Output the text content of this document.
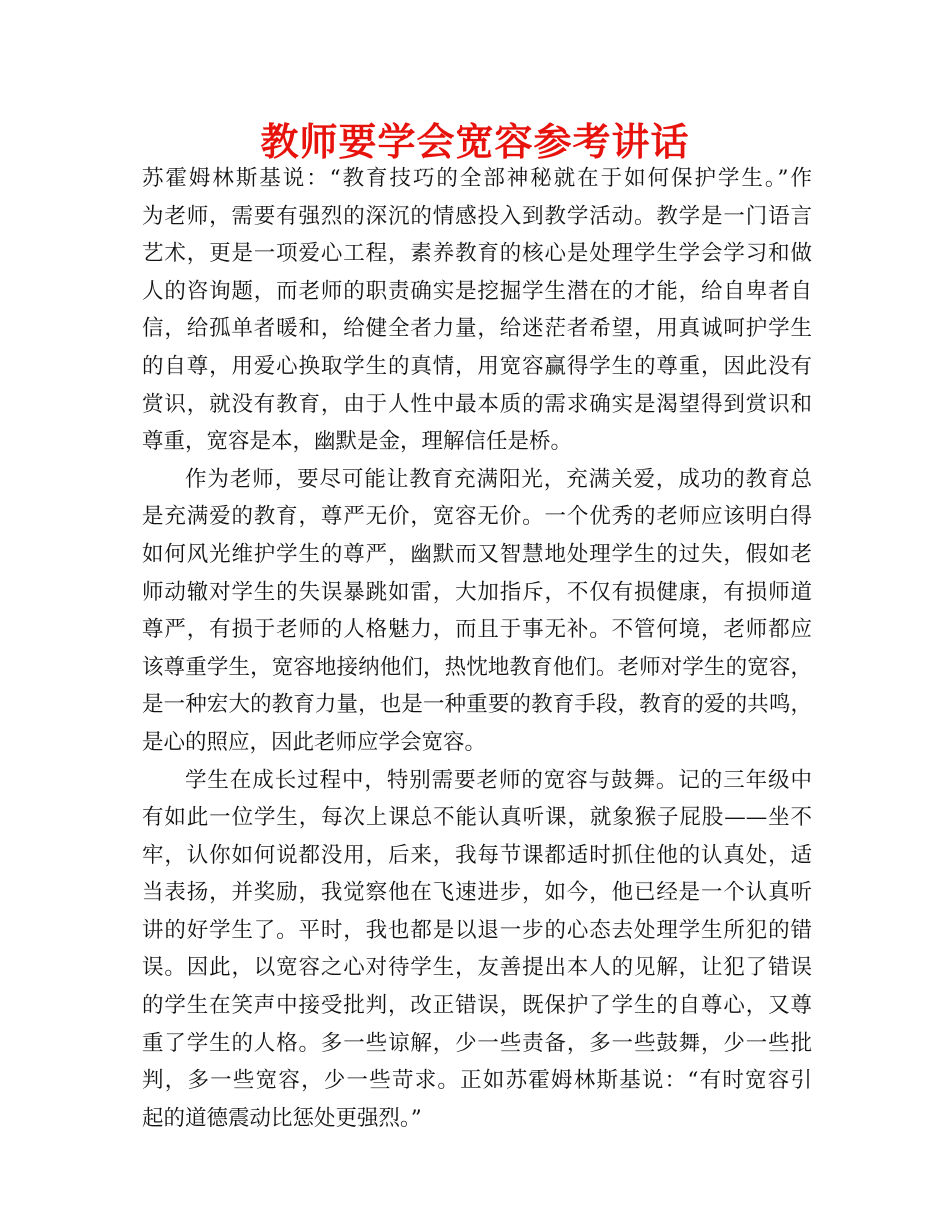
教师要学会宽容参考讲话
苏霍姆林斯基说：“教育技巧的全部神秘就在于如何保护学生。”作
为老师，需要有强烈的深沉的情感投入到教学活动。教学是一门语言
艺术，更是一项爱心工程，素养教育的核心是处理学生学会学习和做
人的咨询题，而老师的职责确实是挖掘学生潜在的才能，给自卑者自
信，给孤单者暖和，给健全者力量，给迷茫者希望，用真诚呵护学生
的自尊，用爱心换取学生的真情，用宽容赢得学生的尊重，因此没有
赏识，就没有教育，由于人性中最本质的需求确实是渴望得到赏识和
尊重，宽容是本，幽默是金，理解信任是桥。
作为老师，要尽可能让教育充满阳光，充满关爱，成功的教育总
是充满爱的教育，尊严无价，宽容无价。一个优秀的老师应该明白得
如何风光维护学生的尊严，幽默而又智慧地处理学生的过失，假如老
师动辙对学生的失误暴跳如雷，大加指斥，不仅有损健康，有损师道
尊严，有损于老师的人格魅力，而且于事无补。不管何境，老师都应
该尊重学生，宽容地接纳他们，热忱地教育他们。老师对学生的宽容，
是一种宏大的教育力量，也是一种重要的教育手段，教育的爱的共鸣，
是心的照应，因此老师应学会宽容。
学生在成长过程中，特别需要老师的宽容与鼓舞。记的三年级中
有如此一位学生，每次上课总不能认真听课，就象猴子屁股——坐不
牢，认你如何说都没用，后来，我每节课都适时抓住他的认真处，适
当表扬，并奖励，我觉察他在飞速进步，如今，他已经是一个认真听
讲的好学生了。平时，我也都是以退一步的心态去处理学生所犯的错
误。因此，以宽容之心对待学生，友善提出本人的见解，让犯了错误
的学生在笑声中接受批判，改正错误，既保护了学生的自尊心，又尊
重了学生的人格。多一些谅解，少一些责备，多一些鼓舞，少一些批
判，多一些宽容，少一些苛求。正如苏霍姆林斯基说：“有时宽容引
起的道德震动比惩处更强烈。”
